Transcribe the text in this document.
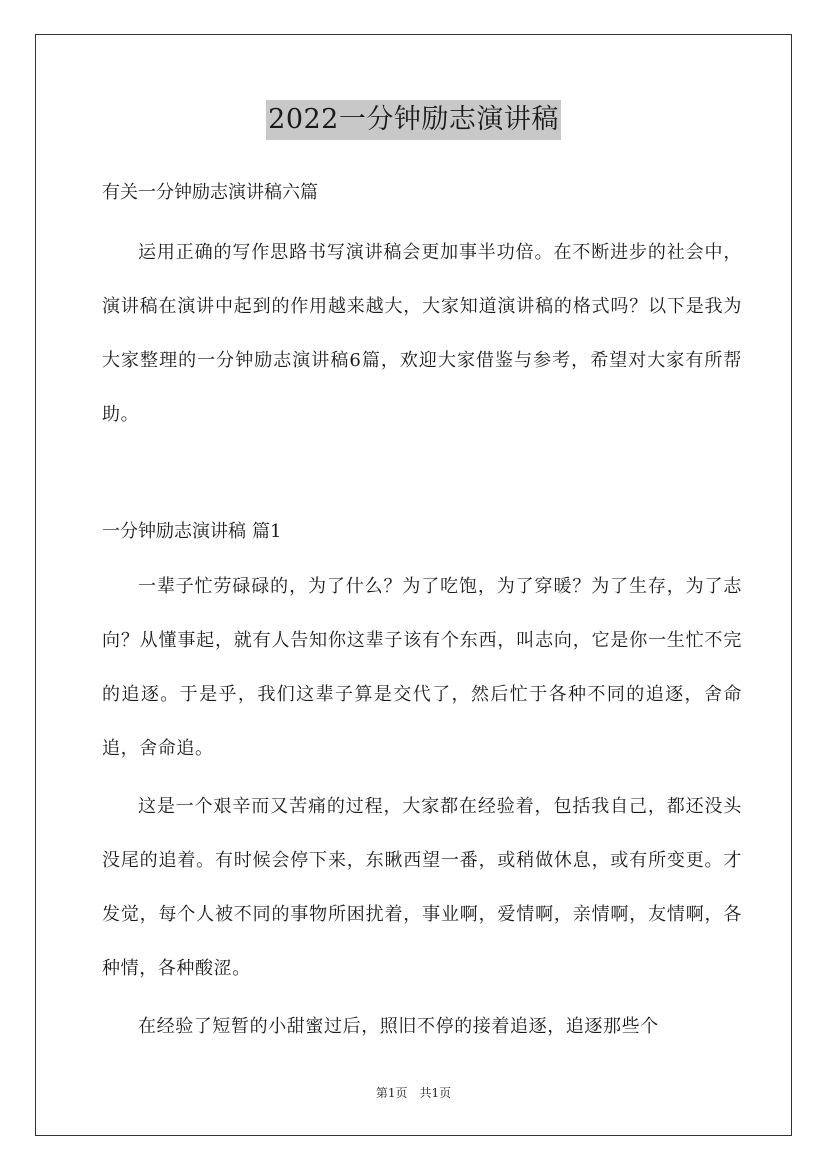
2022一分钟励志演讲稿

有关一分钟励志演讲稿六篇

运用正确的写作思路书写演讲稿会更加事半功倍。在不断进步的社会中，演讲稿在演讲中起到的作用越来越大，大家知道演讲稿的格式吗？以下是我为大家整理的一分钟励志演讲稿6篇，欢迎大家借鉴与参考，希望对大家有所帮助。

一分钟励志演讲稿 篇1

一辈子忙劳碌碌的，为了什么？为了吃饱，为了穿暖？为了生存，为了志向？从懂事起，就有人告知你这辈子该有个东西，叫志向，它是你一生忙不完的追逐。于是乎，我们这辈子算是交代了，然后忙于各种不同的追逐，舍命追，舍命追。

这是一个艰辛而又苦痛的过程，大家都在经验着，包括我自己，都还没头没尾的追着。有时候会停下来，东瞅西望一番，或稍做休息，或有所变更。才发觉，每个人被不同的事物所困扰着，事业啊，爱情啊，亲情啊，友情啊，各种情，各种酸涩。

在经验了短暂的小甜蜜过后，照旧不停的接着追逐，追逐那些个

第1页 共1页
